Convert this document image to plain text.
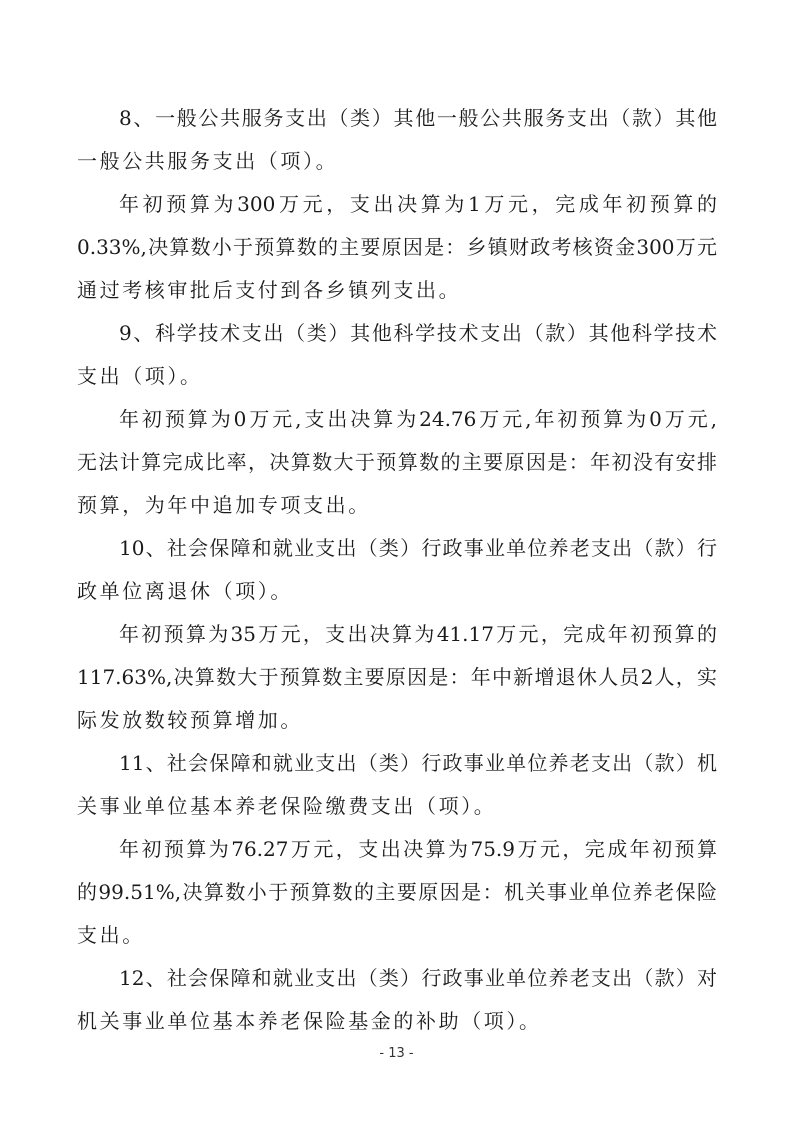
8、一般公共服务支出（类）其他一般公共服务支出（款）其他
一般公共服务支出（项）。
年初预算为300万元，支出决算为1万元，完成年初预算的
0.33%,决算数小于预算数的主要原因是：乡镇财政考核资金300万元
通过考核审批后支付到各乡镇列支出。
9、科学技术支出（类）其他科学技术支出（款）其他科学技术
支出（项）。
年初预算为0万元,支出决算为24.76万元,年初预算为0万元,
无法计算完成比率，决算数大于预算数的主要原因是：年初没有安排
预算，为年中追加专项支出。
10、社会保障和就业支出（类）行政事业单位养老支出（款）行
政单位离退休（项）。
年初预算为35万元，支出决算为41.17万元，完成年初预算的
117.63%,决算数大于预算数主要原因是：年中新增退休人员2人，实
际发放数较预算增加。
11、社会保障和就业支出（类）行政事业单位养老支出（款）机
关事业单位基本养老保险缴费支出（项）。
年初预算为76.27万元，支出决算为75.9万元，完成年初预算
的99.51%,决算数小于预算数的主要原因是：机关事业单位养老保险
支出。
12、社会保障和就业支出（类）行政事业单位养老支出（款）对
机关事业单位基本养老保险基金的补助（项）。
- 13 -
